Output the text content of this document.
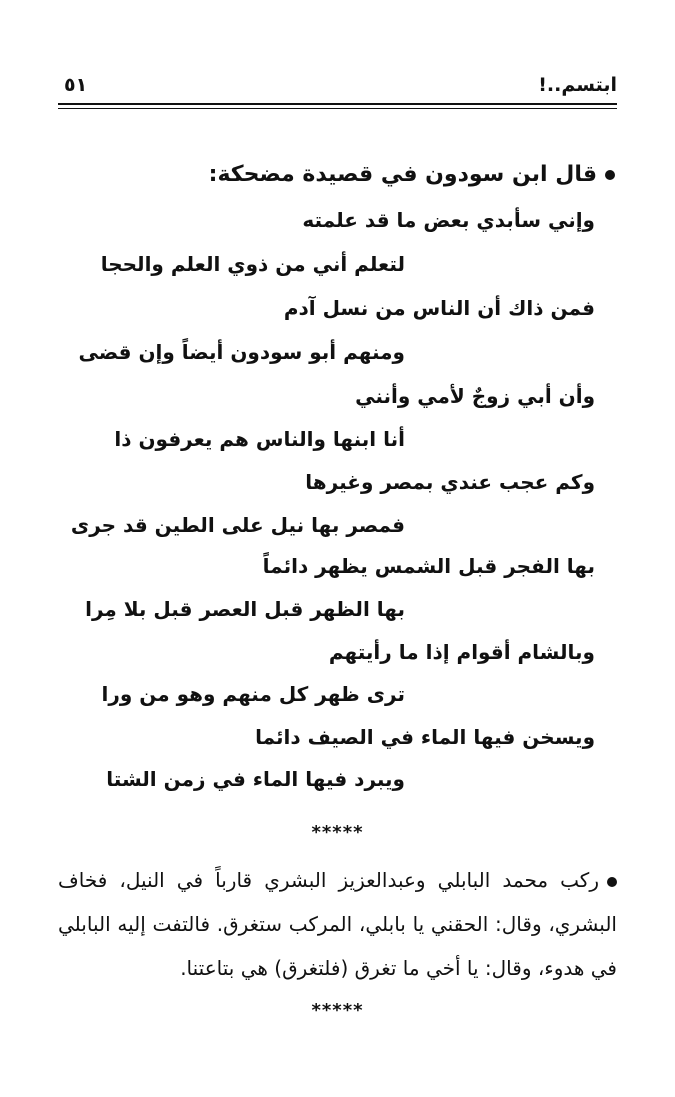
ابتسم..!
٥١
قال ابن سودون في قصيدة مضحكة:
وإني سأبدي بعض ما قد علمته
لتعلم أني من ذوي العلم والحجا
فمن ذاك أن الناس من نسل آدم
ومنهم أبو سودون أيضاً وإن قضى
وأن أبي زوجٌ لأمي وأنني
أنا ابنها والناس هم يعرفون ذا
وكم عجب عندي بمصر وغيرها
فمصر بها نيل على الطين قد جرى
بها الفجر قبل الشمس يظهر دائماً
بها الظهر قبل العصر قبل بلا مِرا
وبالشام أقوام إذا ما رأيتهم
ترى ظهر كل منهم وهو من ورا
ويسخن فيها الماء في الصيف دائما
ويبرد فيها الماء في زمن الشتا
*****
ركب محمد البابلي وعبدالعزيز البشري قارباً في النيل، فخاف البشري، وقال: الحقني يا بابلي، المركب ستغرق. فالتفت إليه البابلي في هدوء، وقال: يا أخي ما تغرق (فلتغرق) هي بتاعتنا.
*****
